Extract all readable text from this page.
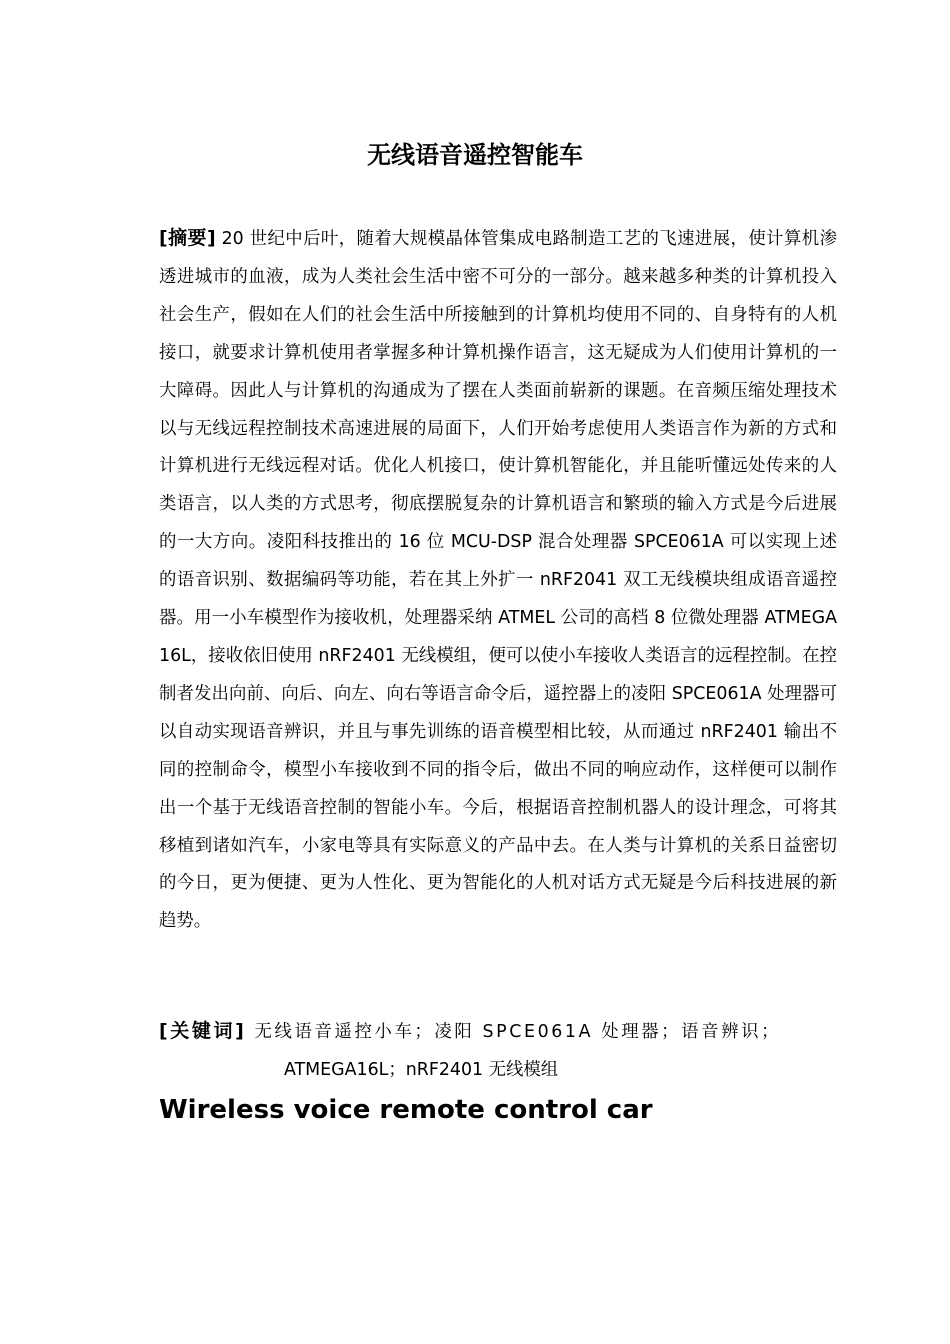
无线语音遥控智能车

[摘要] 20 世纪中后叶，随着大规模晶体管集成电路制造工艺的飞速进展，使计算机渗透进城市的血液，成为人类社会生活中密不可分的一部分。越来越多种类的计算机投入社会生产，假如在人们的社会生活中所接触到的计算机均使用不同的、自身特有的人机接口，就要求计算机使用者掌握多种计算机操作语言，这无疑成为人们使用计算机的一大障碍。因此人与计算机的沟通成为了摆在人类面前崭新的课题。在音频压缩处理技术以与无线远程控制技术高速进展的局面下，人们开始考虑使用人类语言作为新的方式和计算机进行无线远程对话。优化人机接口，使计算机智能化，并且能听懂远处传来的人类语言，以人类的方式思考，彻底摆脱复杂的计算机语言和繁琐的输入方式是今后进展的一大方向。凌阳科技推出的 16 位 MCU-DSP 混合处理器 SPCE061A 可以实现上述的语音识别、数据编码等功能，若在其上外扩一 nRF2041 双工无线模块组成语音遥控器。用一小车模型作为接收机，处理器采纳 ATMEL 公司的高档 8 位微处理器 ATMEGA16L，接收依旧使用 nRF2401 无线模组，便可以使小车接收人类语言的远程控制。在控制者发出向前、向后、向左、向右等语言命令后，遥控器上的凌阳 SPCE061A 处理器可以自动实现语音辨识，并且与事先训练的语音模型相比较，从而通过 nRF2401 输出不同的控制命令，模型小车接收到不同的指令后，做出不同的响应动作，这样便可以制作出一个基于无线语音控制的智能小车。今后，根据语音控制机器人的设计理念，可将其移植到诸如汽车，小家电等具有实际意义的产品中去。在人类与计算机的关系日益密切的今日，更为便捷、更为人性化、更为智能化的人机对话方式无疑是今后科技进展的新趋势。

[关键词] 无线语音遥控小车；凌阳 SPCE061A 处理器；语音辨识；
ATMEGA16L；nRF2401 无线模组
Wireless voice remote control car
